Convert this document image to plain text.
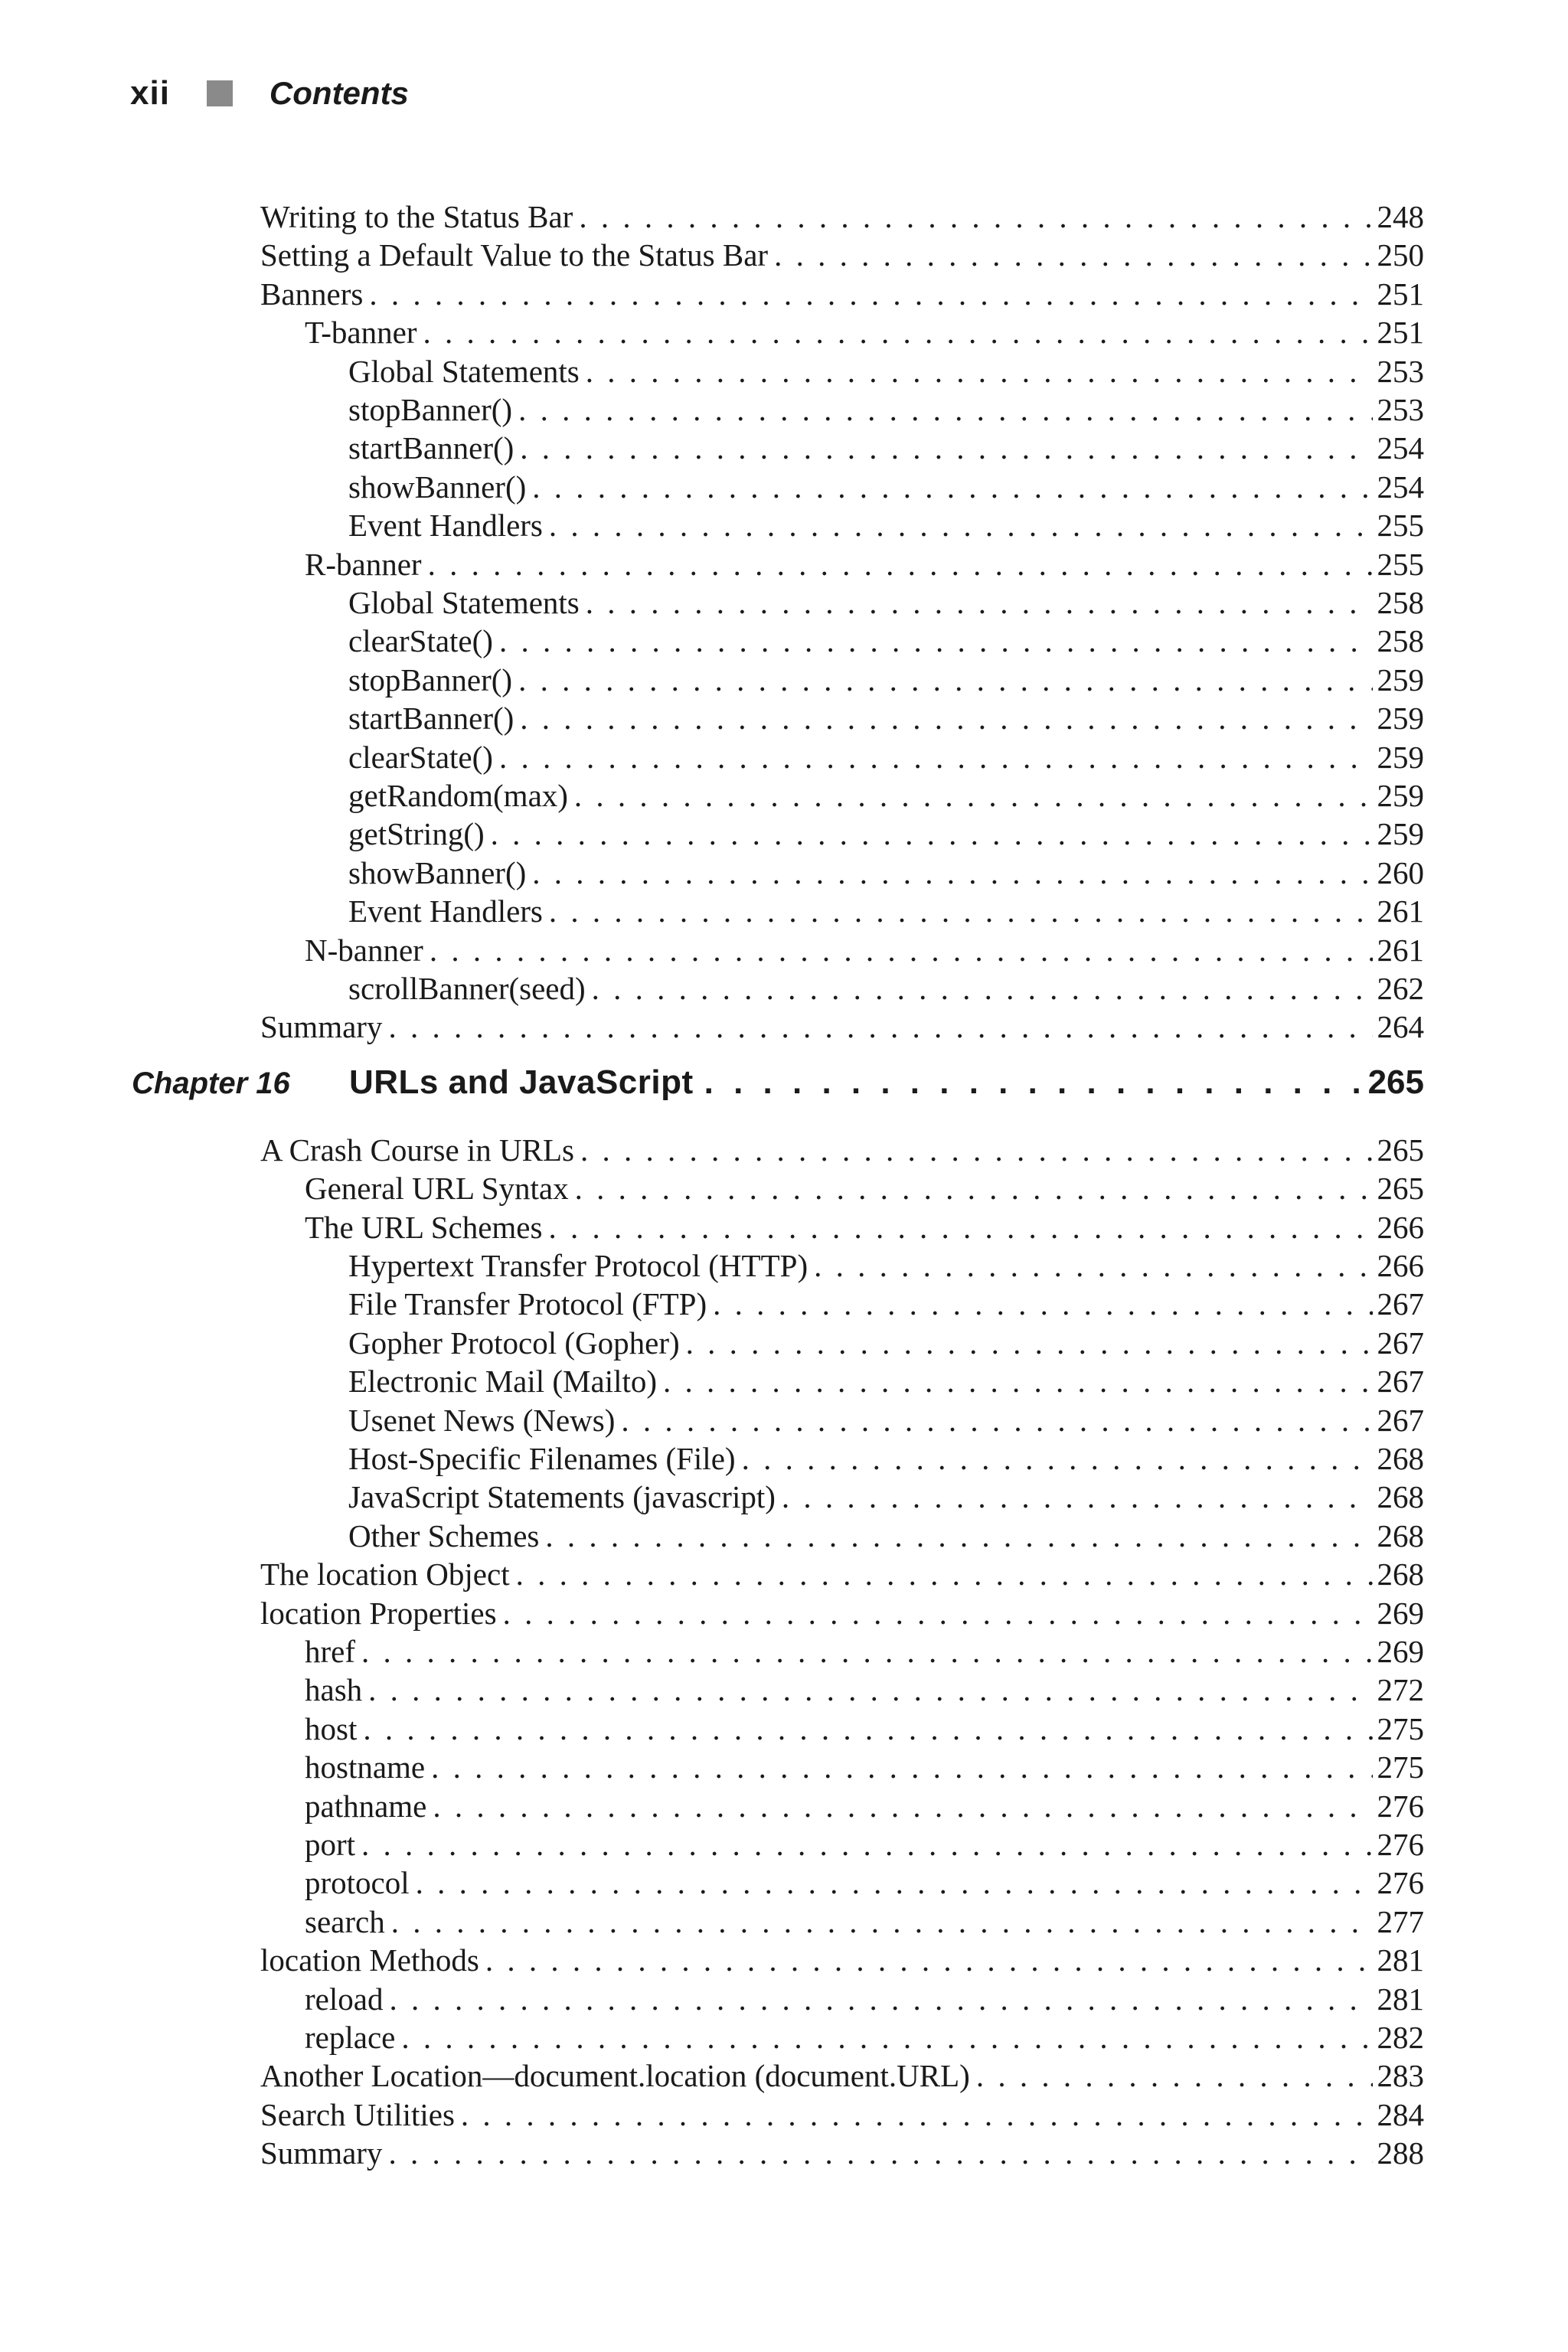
xii	Contents
Writing to the Status Bar . . .	248
Setting a Default Value to the Status Bar . . .	250
Banners . . .	251
T-banner . . .	251
Global Statements . . .	253
stopBanner() . . .	253
startBanner() . . .	254
showBanner() . . .	254
Event Handlers . . .	255
R-banner . . .	255
Global Statements . . .	258
clearState() . . .	258
stopBanner() . . .	259
startBanner() . . .	259
clearState() . . .	259
getRandom(max) . . .	259
getString() . . .	259
showBanner() . . .	260
Event Handlers . . .	261
N-banner . . .	261
scrollBanner(seed) . . .	262
Summary . . .	264
Chapter 16	URLs and JavaScript . . .	265
A Crash Course in URLs . . .	265
General URL Syntax . . .	265
The URL Schemes . . .	266
Hypertext Transfer Protocol (HTTP) . . .	266
File Transfer Protocol (FTP) . . .	267
Gopher Protocol (Gopher) . . .	267
Electronic Mail (Mailto) . . .	267
Usenet News (News) . . .	267
Host-Specific Filenames (File) . . .	268
JavaScript Statements (javascript) . . .	268
Other Schemes . . .	268
The location Object . . .	268
location Properties . . .	269
href . . .	269
hash . . .	272
host . . .	275
hostname . . .	275
pathname . . .	276
port . . .	276
protocol . . .	276
search . . .	277
location Methods . . .	281
reload . . .	281
replace . . .	282
Another Location—document.location (document.URL) . . .	283
Search Utilities . . .	284
Summary . . .	288
